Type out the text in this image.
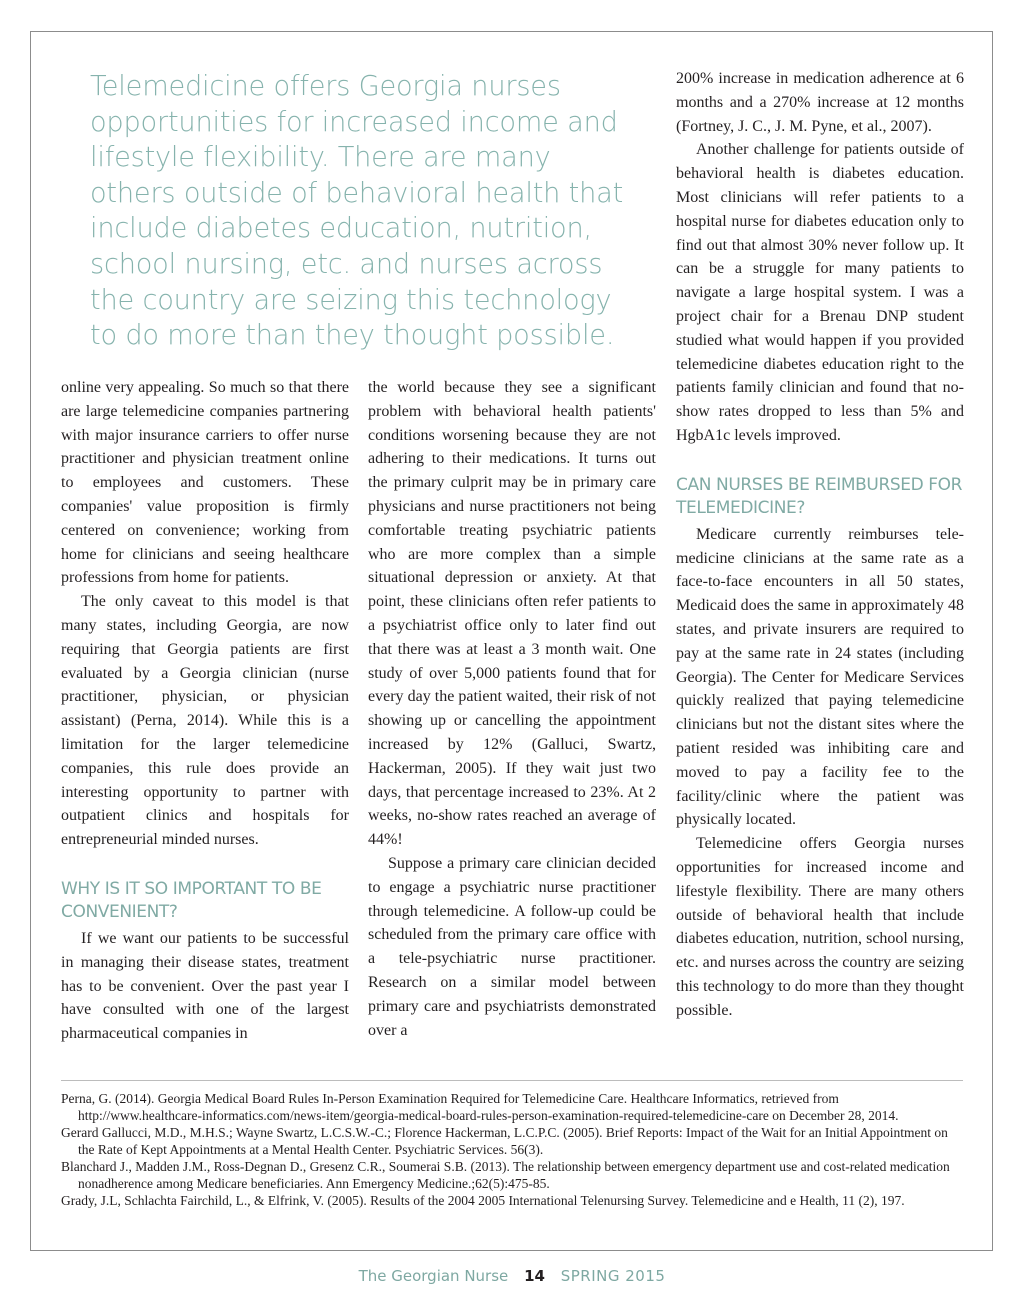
Telemedicine offers Georgia nurses opportunities for increased income and lifestyle flexibility. There are many others outside of behavioral health that include diabetes education, nutrition, school nursing, etc. and nurses across the country are seizing this technology to do more than they thought possible.

online very appealing. So much so that there are large telemedicine companies partnering with major insurance carriers to offer nurse practitioner and physician treatment online to employees and customers. These companies' value proposition is firmly centered on convenience; working from home for clinicians and seeing healthcare professions from home for patients.

The only caveat to this model is that many states, including Georgia, are now requiring that Georgia patients are first evaluated by a Georgia clinician (nurse practitioner, physician, or physician assistant) (Perna, 2014). While this is a limitation for the larger telemedicine companies, this rule does provide an interesting opportunity to partner with outpatient clinics and hospitals for entrepreneurial minded nurses.

WHY IS IT SO IMPORTANT TO BE CONVENIENT?

If we want our patients to be successful in managing their disease states, treatment has to be convenient. Over the past year I have consulted with one of the largest pharmaceutical companies in

the world because they see a significant problem with behavioral health patients' conditions worsening because they are not adhering to their medications. It turns out the primary culprit may be in primary care physicians and nurse practitioners not being comfortable treating psychiatric patients who are more complex than a simple situational depression or anxiety. At that point, these clinicians often refer patients to a psychiatrist office only to later find out that there was at least a 3 month wait. One study of over 5,000 patients found that for every day the patient waited, their risk of not showing up or cancelling the appointment increased by 12% (Galluci, Swartz, Hackerman, 2005). If they wait just two days, that percentage increased to 23%. At 2 weeks, no-show rates reached an average of 44%!

Suppose a primary care clinician decided to engage a psychiatric nurse practitioner through telemedicine. A follow-up could be scheduled from the primary care office with a tele-psychiatric nurse practitioner. Research on a similar model between primary care and psychiatrists demonstrated over a

200% increase in medication adherence at 6 months and a 270% increase at 12 months (Fortney, J. C., J. M. Pyne, et al., 2007).

Another challenge for patients outside of behavioral health is diabetes education. Most clinicians will refer patients to a hospital nurse for diabetes education only to find out that almost 30% never follow up. It can be a struggle for many patients to navigate a large hospital system. I was a project chair for a Brenau DNP student studied what would happen if you provided telemedicine diabetes education right to the patients family clinician and found that no-show rates dropped to less than 5% and HgbA1c levels improved.

CAN NURSES BE REIMBURSED FOR TELEMEDICINE?

Medicare currently reimburses telemedicine clinicians at the same rate as a face-to-face encounters in all 50 states, Medicaid does the same in approximately 48 states, and private insurers are required to pay at the same rate in 24 states (including Georgia). The Center for Medicare Services quickly realized that paying telemedicine clinicians but not the distant sites where the patient resided was inhibiting care and moved to pay a facility fee to the facility/clinic where the patient was physically located.

Telemedicine offers Georgia nurses opportunities for increased income and lifestyle flexibility. There are many others outside of behavioral health that include diabetes education, nutrition, school nursing, etc. and nurses across the country are seizing this technology to do more than they thought possible.

Perna, G. (2014). Georgia Medical Board Rules In-Person Examination Required for Telemedicine Care. Healthcare Informatics, retrieved from http://www.healthcare-informatics.com/news-item/georgia-medical-board-rules-person-examination-required-telemedicine-care on December 28, 2014.

Gerard Gallucci, M.D., M.H.S.; Wayne Swartz, L.C.S.W.-C.; Florence Hackerman, L.C.P.C. (2005). Brief Reports: Impact of the Wait for an Initial Appointment on the Rate of Kept Appointments at a Mental Health Center. Psychiatric Services. 56(3).

Blanchard J., Madden J.M., Ross-Degnan D., Gresenz C.R., Soumerai S.B. (2013). The relationship between emergency department use and cost-related medication nonadherence among Medicare beneficiaries. Ann Emergency Medicine.;62(5):475-85.

Grady, J.L, Schlachta Fairchild, L., & Elfrink, V. (2005). Results of the 2004 2005 International Telenursing Survey. Telemedicine and e Health, 11 (2), 197.

The Georgian Nurse 14 SPRING 2015
